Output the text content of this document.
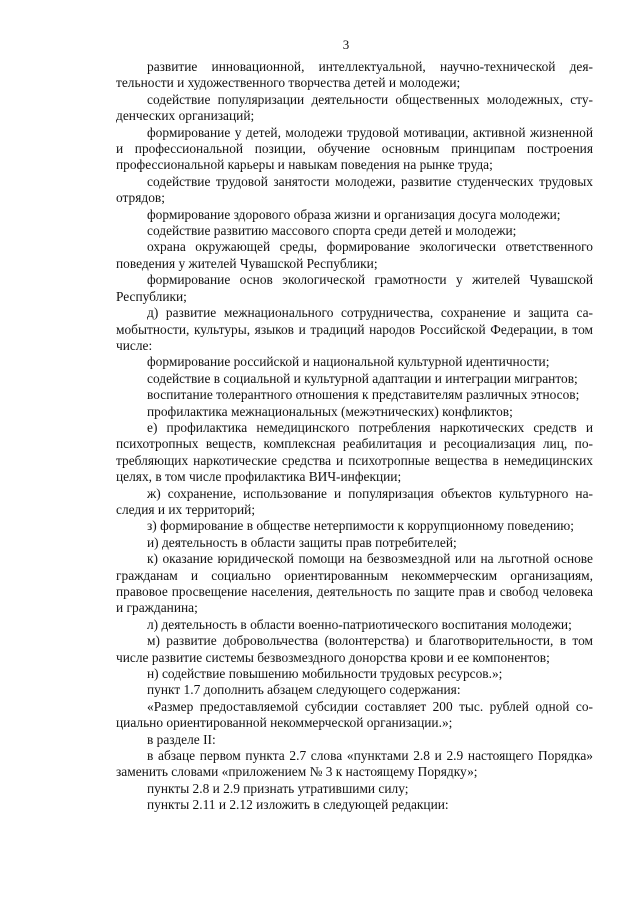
3

развитие инновационной, интеллектуальной, научно-технической деятельности и художественного творчества детей и молодежи;

содействие популяризации деятельности общественных молодежных, студенческих организаций;

формирование у детей, молодежи трудовой мотивации, активной жизненной и профессиональной позиции, обучение основным принципам построения профессиональной карьеры и навыкам поведения на рынке труда;

содействие трудовой занятости молодежи, развитие студенческих трудовых отрядов;

формирование здорового образа жизни и организация досуга молодежи;

содействие развитию массового спорта среди детей и молодежи;

охрана окружающей среды, формирование экологически ответственного поведения у жителей Чувашской Республики;

формирование основ экологической грамотности у жителей Чувашской Республики;

д) развитие межнационального сотрудничества, сохранение и защита самобытности, культуры, языков и традиций народов Российской Федерации, в том числе:

формирование российской и национальной культурной идентичности;

содействие в социальной и культурной адаптации и интеграции мигрантов;

воспитание толерантного отношения к представителям различных этносов;

профилактика межнациональных (межэтнических) конфликтов;

е) профилактика немедицинского потребления наркотических средств и психотропных веществ, комплексная реабилитация и ресоциализация лиц, потребляющих наркотические средства и психотропные вещества в немедицинских целях, в том числе профилактика ВИЧ-инфекции;

ж) сохранение, использование и популяризация объектов культурного наследия и их территорий;

з) формирование в обществе нетерпимости к коррупционному поведению;

и) деятельность в области защиты прав потребителей;

к) оказание юридической помощи на безвозмездной или на льготной основе гражданам и социально ориентированным некоммерческим организациям, правовое просвещение населения, деятельность по защите прав и свобод человека и гражданина;

л) деятельность в области военно-патриотического воспитания молодежи;

м) развитие добровольчества (волонтерства) и благотворительности, в том числе развитие системы безвозмездного донорства крови и ее компонентов;

н) содействие повышению мобильности трудовых ресурсов.»;

пункт 1.7 дополнить абзацем следующего содержания:

«Размер предоставляемой субсидии составляет 200 тыс. рублей одной социально ориентированной некоммерческой организации.»;

в разделе II:

в абзаце первом пункта 2.7 слова «пунктами 2.8 и 2.9 настоящего Порядка» заменить словами «приложением № 3 к настоящему Порядку»;

пункты 2.8 и 2.9 признать утратившими силу;

пункты 2.11 и 2.12 изложить в следующей редакции:
